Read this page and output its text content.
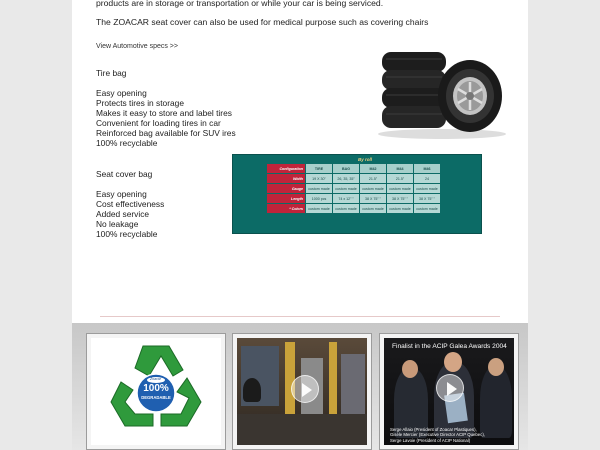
products are in storage or transportation or while your car is being serviced.
The ZOACAR seat cover can also be used for medical purpose such as covering chairs
View Automotive specs >>
Tire bag
Easy opening
Protects tires in storage
Makes it easy to store and label tires
Convenient for loading tires in car
Reinforced bag available for SUV ires
100% recyclable
Seat cover bag
Easy opening
Cost effectiveness
Added service
No leakage
100% recyclable
By roll
Configuration	TIRE	BAG	M42	M44	M46
Width	19 X 30"	26, 35, 35"	21.5"	21.5"	24
Gauge	custom made	custom made	custom made	custom made	custom made
Length	1000 pcs	74 x 12" "	38 X 75" "	38 X 75" "	38 X 75" "
* Colors	custom made	custom made	custom made	custom made	custom made
Zoacar
100%
DEGRADABLE
Finalist in the ACIP Galea Awards 2004
Serge Allaio (President of Zoacar Plastiques),
Gisèle Mercier (Executive Director ACIP Quebec),
Serge Lavoie (President of ACIP National)
